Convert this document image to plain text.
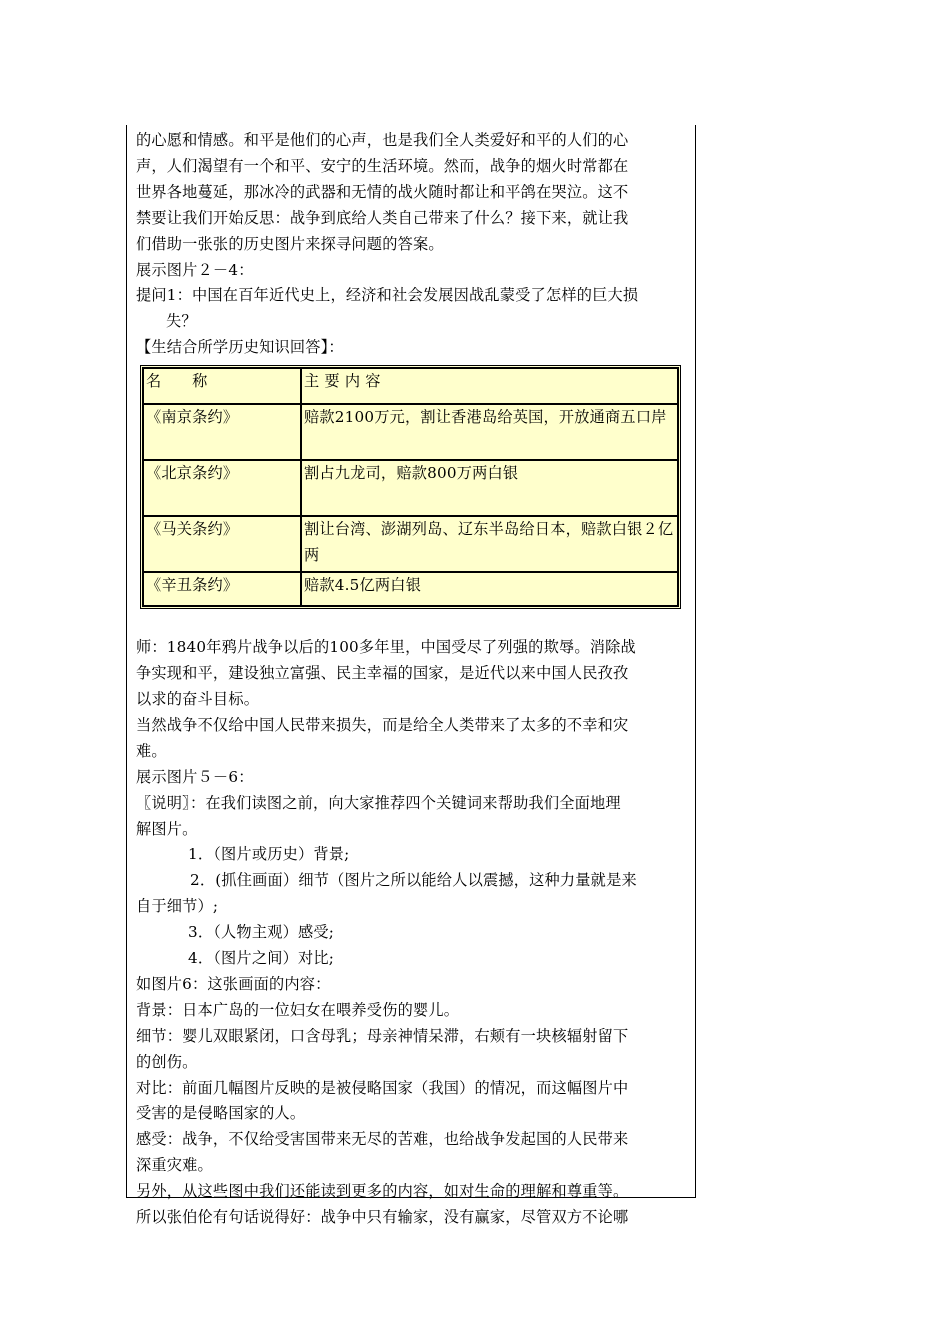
的心愿和情感。和平是他们的心声，也是我们全人类爱好和平的人们的心

声，人们渴望有一个和平、安宁的生活环境。然而，战争的烟火时常都在

世界各地蔓延，那冰冷的武器和无情的战火随时都让和平鸽在哭泣。这不

禁要让我们开始反思：战争到底给人类自己带来了什么？接下来，就让我

们借助一张张的历史图片来探寻问题的答案。

展示图片２－4：

提问1：中国在百年近代史上，经济和社会发展因战乱蒙受了怎样的巨大损

失？

【生结合所学历史知识回答】：

名　　称	主 要 内 容
《南京条约》	赔款2100万元，割让香港岛给英国，开放通商五口岸
《北京条约》	割占九龙司，赔款800万两白银
《马关条约》	割让台湾、澎湖列岛、辽东半岛给日本，赔款白银２亿两
《辛丑条约》	赔款4.5亿两白银

师：1840年鸦片战争以后的100多年里，中国受尽了列强的欺辱。消除战

争实现和平，建设独立富强、民主幸福的国家，是近代以来中国人民孜孜

以求的奋斗目标。

当然战争不仅给中国人民带来损失，而是给全人类带来了太多的不幸和灾

难。

展示图片５－6：

〖说明〗：在我们读图之前，向大家推荐四个关键词来帮助我们全面地理

解图片。

1．（图片或历史）背景;

2．(抓住画面）细节（图片之所以能给人以震撼，这种力量就是来

自于细节）;

3．（人物主观）感受;

4．（图片之间）对比;

如图片6：这张画面的内容：

背景：日本广岛的一位妇女在喂养受伤的婴儿。

细节：婴儿双眼紧闭，口含母乳；母亲神情呆滞，右颊有一块核辐射留下

的创伤。

对比：前面几幅图片反映的是被侵略国家（我国）的情况，而这幅图片中

受害的是侵略国家的人。

感受：战争，不仅给受害国带来无尽的苦难，也给战争发起国的人民带来

深重灾难。

另外，从这些图中我们还能读到更多的内容，如对生命的理解和尊重等。

所以张伯伦有句话说得好：战争中只有输家，没有赢家，尽管双方不论哪
